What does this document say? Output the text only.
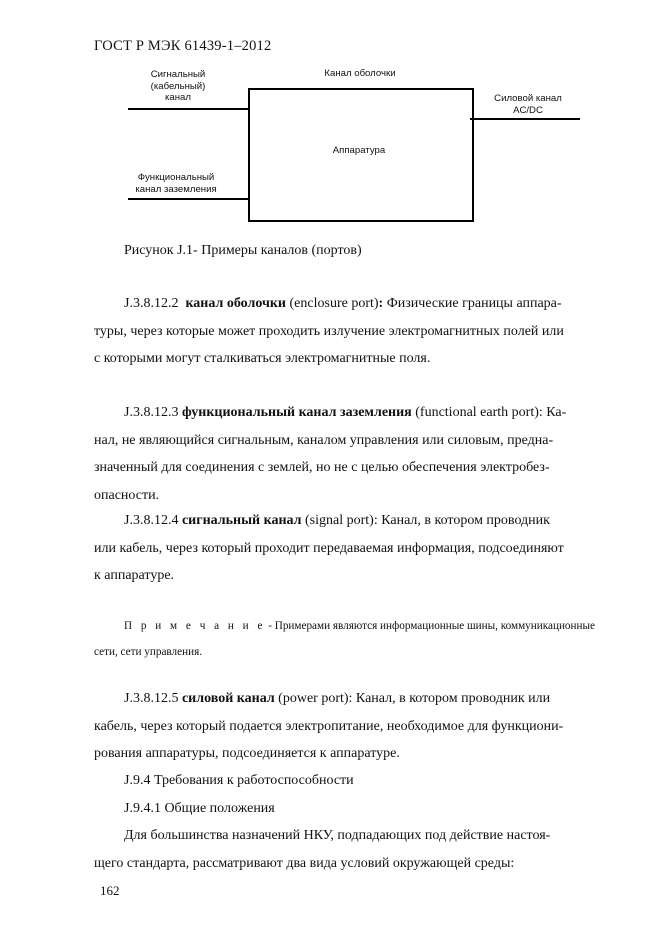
ГОСТ Р МЭК 61439-1–2012
Сигнальный
(кабельный)
канал
Канал оболочки
Силовой канал
AC/DC
Аппаратура
Функциональный
канал заземления
Рисунок J.1- Примеры каналов (портов)

J.3.8.12.2 канал оболочки (enclosure port): Физические границы аппара-

туры, через которые может проходить излучение электромагнитных полей или

с которыми могут сталкиваться электромагнитные поля.

J.3.8.12.3 функциональный канал заземления (functional earth port): Ка-

нал, не являющийся сигнальным, каналом управления или силовым, предна-

значенный для соединения с землей, но не с целью обеспечения электробез-

опасности.

J.3.8.12.4 сигнальный канал (signal port): Канал, в котором проводник

или кабель, через который проходит передаваемая информация, подсоединяют

к аппаратуре.

П р и м е ч а н и е - Примерами являются информационные шины, коммуникационные

сети, сети управления.

J.3.8.12.5 силовой канал (power port): Канал, в котором проводник или

кабель, через который подается электропитание, необходимое для функциони-

рования аппаратуры, подсоединяется к аппаратуре.

J.9.4 Требования к работоспособности

J.9.4.1 Общие положения

Для большинства назначений НКУ, подпадающих под действие настоя-

щего стандарта, рассматривают два вида условий окружающей среды:

162
